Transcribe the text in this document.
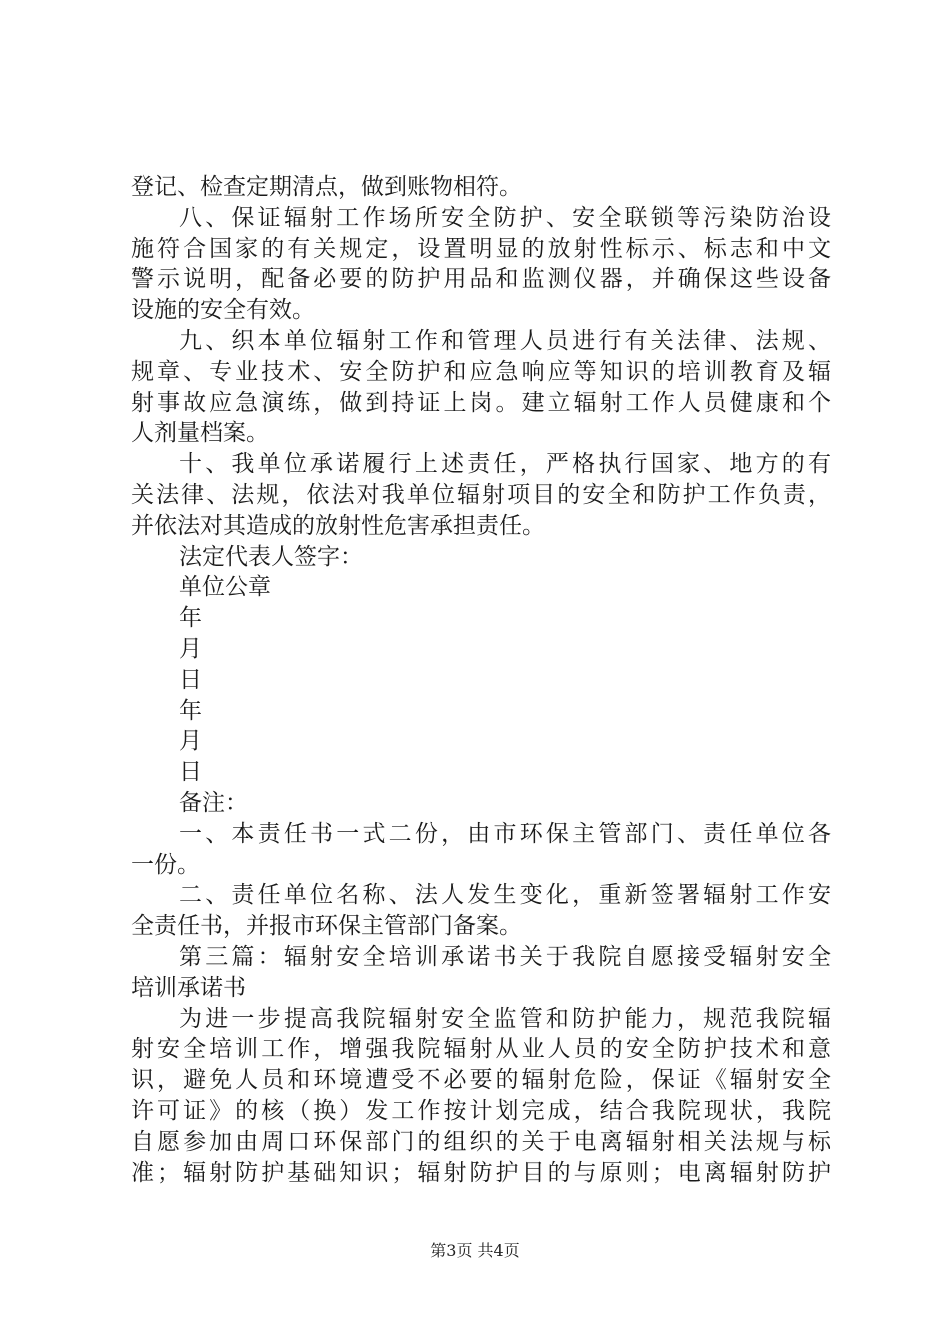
登记、检查定期清点，做到账物相符。
八、保证辐射工作场所安全防护、安全联锁等污染防治设
施符合国家的有关规定，设置明显的放射性标示、标志和中文
警示说明，配备必要的防护用品和监测仪器，并确保这些设备
设施的安全有效。
九、织本单位辐射工作和管理人员进行有关法律、法规、
规章、专业技术、安全防护和应急响应等知识的培训教育及辐
射事故应急演练，做到持证上岗。建立辐射工作人员健康和个
人剂量档案。
十、我单位承诺履行上述责任，严格执行国家、地方的有
关法律、法规，依法对我单位辐射项目的安全和防护工作负责，
并依法对其造成的放射性危害承担责任。
法定代表人签字：
单位公章
年
月
日
年
月
日
备注：
一、本责任书一式二份，由市环保主管部门、责任单位各
一份。
二、责任单位名称、法人发生变化，重新签署辐射工作安
全责任书，并报市环保主管部门备案。
第三篇：辐射安全培训承诺书关于我院自愿接受辐射安全
培训承诺书
为进一步提高我院辐射安全监管和防护能力，规范我院辐
射安全培训工作，增强我院辐射从业人员的安全防护技术和意
识，避免人员和环境遭受不必要的辐射危险，保证《辐射安全
许可证》的核（换）发工作按计划完成，结合我院现状，我院
自愿参加由周口环保部门的组织的关于电离辐射相关法规与标
准；辐射防护基础知识；辐射防护目的与原则；电离辐射防护
第3页 共4页
